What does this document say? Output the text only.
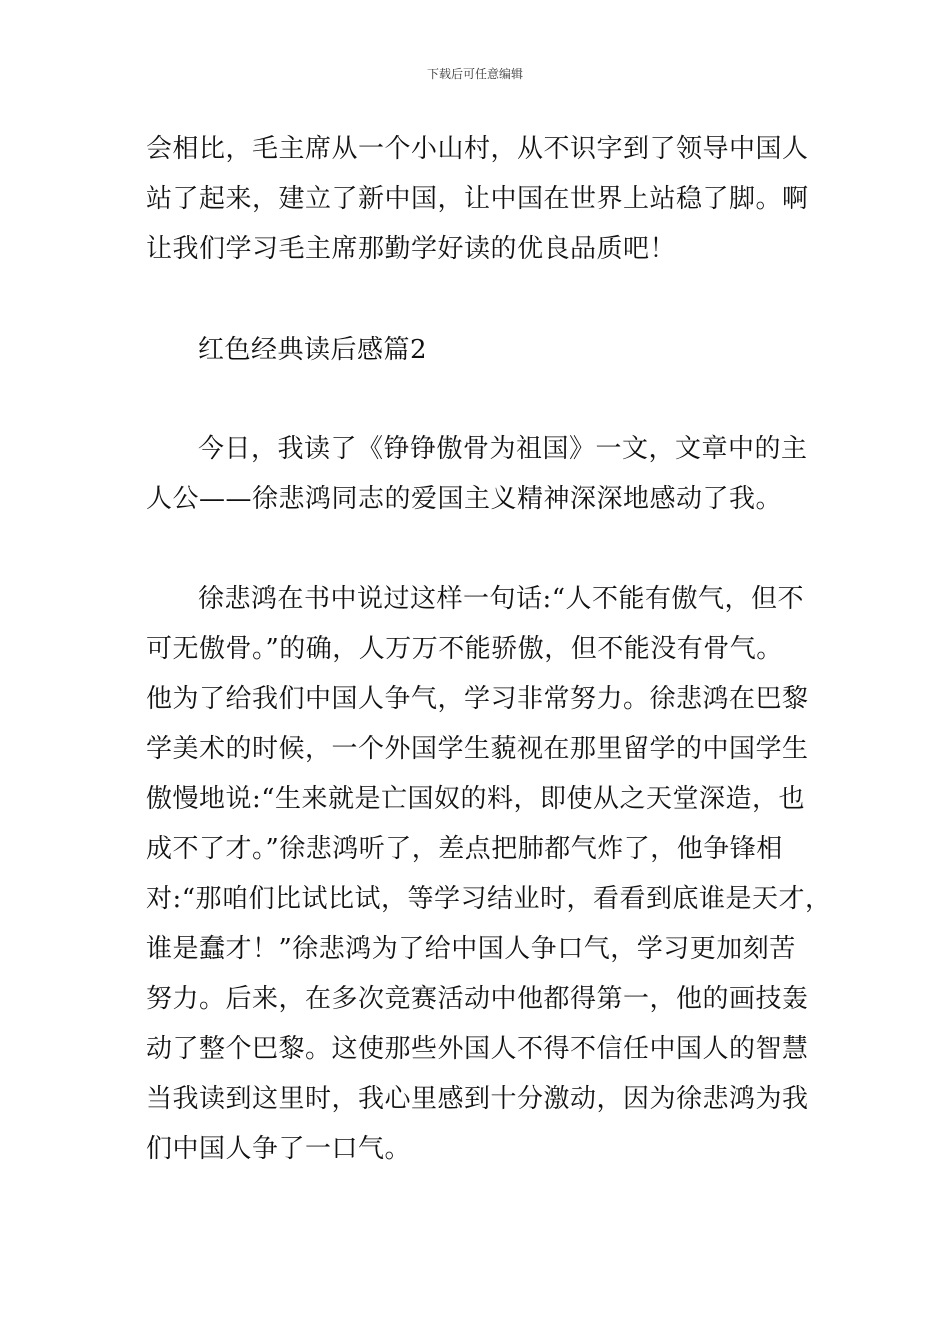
下载后可任意编辑
会相比，毛主席从一个小山村，从不识字到了领导中国人
站了起来，建立了新中国，让中国在世界上站稳了脚。啊
让我们学习毛主席那勤学好读的优良品质吧！
红色经典读后感篇2
今日，我读了《铮铮傲骨为祖国》一文，文章中的主
人公——徐悲鸿同志的爱国主义精神深深地感动了我。
徐悲鸿在书中说过这样一句话:“人不能有傲气，但不
可无傲骨。”的确，人万万不能骄傲，但不能没有骨气。
他为了给我们中国人争气，学习非常努力。徐悲鸿在巴黎
学美术的时候，一个外国学生藐视在那里留学的中国学生
傲慢地说:“生来就是亡国奴的料，即使从之天堂深造，也
成不了才。”徐悲鸿听了，差点把肺都气炸了，他争锋相
对:“那咱们比试比试，等学习结业时，看看到底谁是天才，
谁是蠢才！”徐悲鸿为了给中国人争口气，学习更加刻苦
努力。后来，在多次竞赛活动中他都得第一，他的画技轰
动了整个巴黎。这使那些外国人不得不信任中国人的智慧
当我读到这里时，我心里感到十分激动，因为徐悲鸿为我
们中国人争了一口气。
